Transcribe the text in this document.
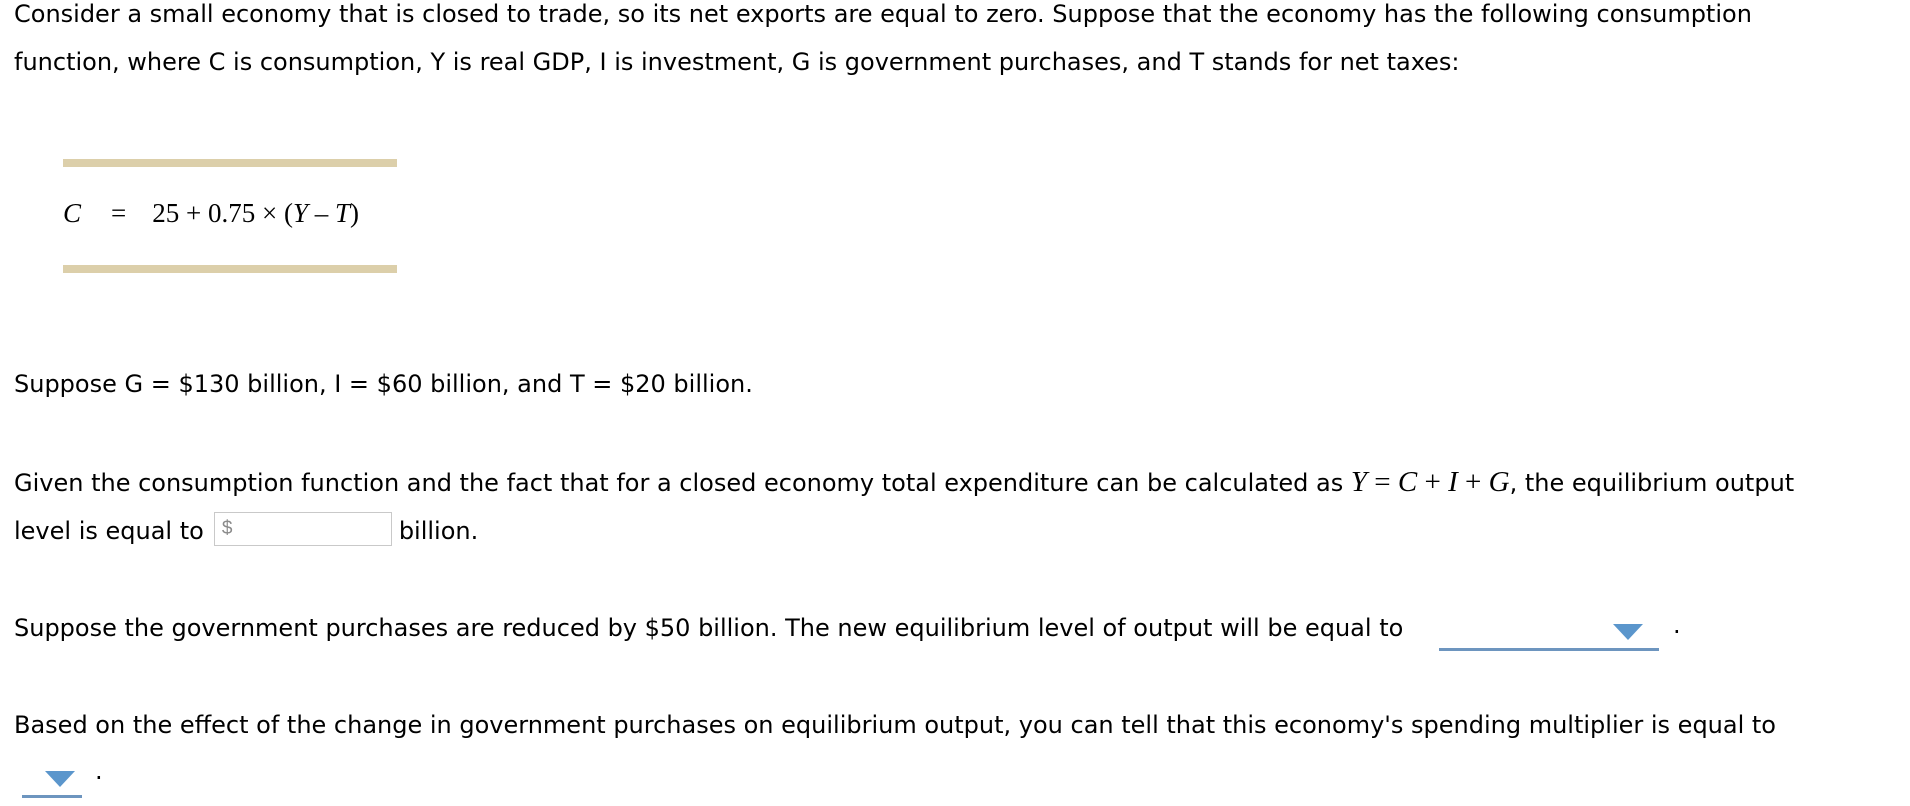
Consider a small economy that is closed to trade, so its net exports are equal to zero. Suppose that the economy has the following consumption
function, where C is consumption, Y is real GDP, I is investment, G is government purchases, and T stands for net taxes:

C = 25 + 0.75 × (Y – T)

Suppose G = $130 billion, I = $60 billion, and T = $20 billion.

Given the consumption function and the fact that for a closed economy total expenditure can be calculated as Y = C + I + G, the equilibrium output
level is equal to $	billion.

Suppose the government purchases are reduced by $50 billion. The new equilibrium level of output will be equal to	.

Based on the effect of the change in government purchases on equilibrium output, you can tell that this economy's spending multiplier is equal to

.
